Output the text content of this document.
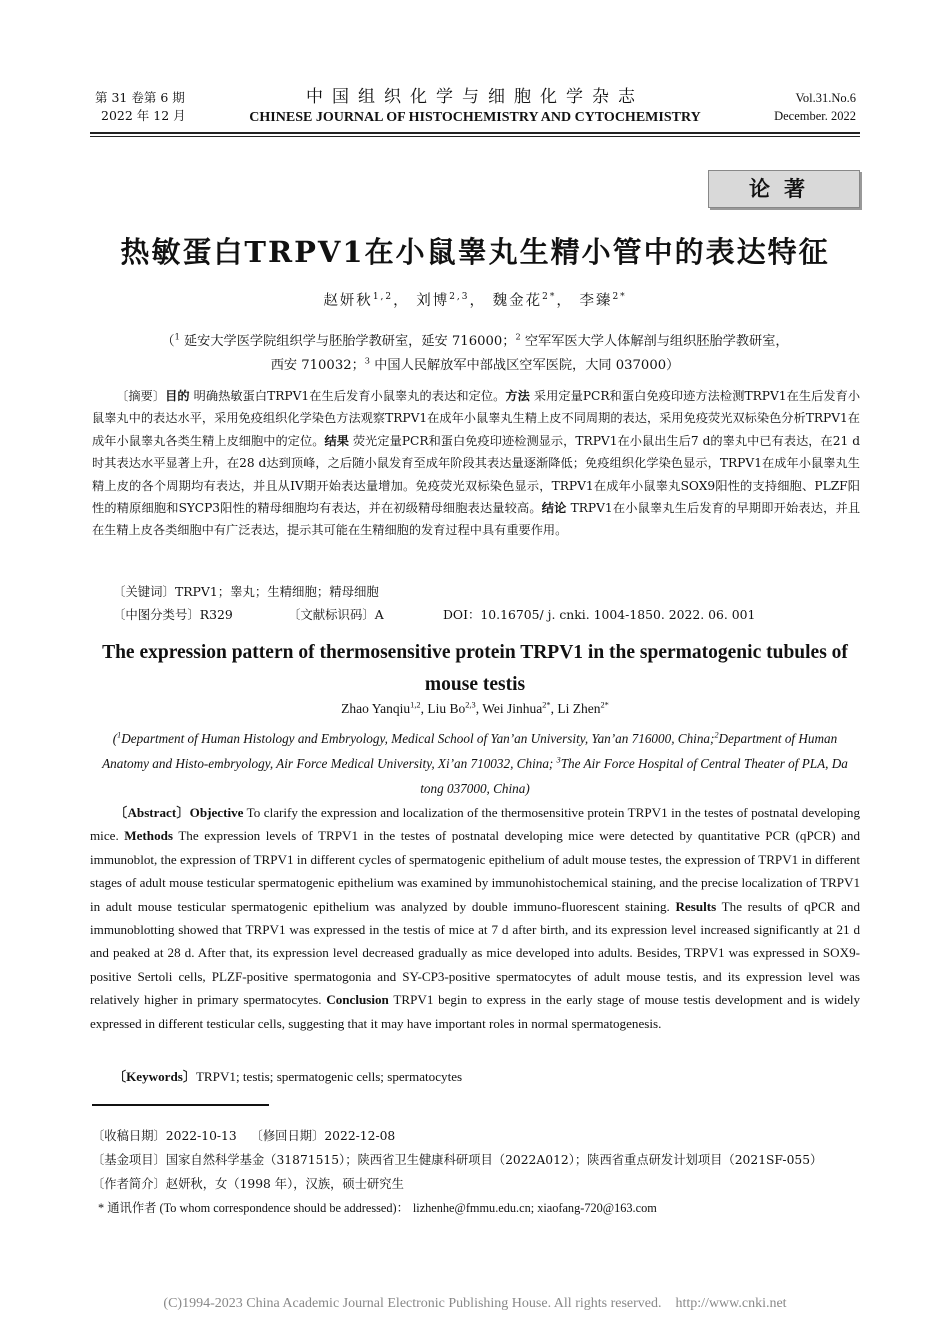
第 31 卷第 6 期
2022 年 12 月
中国组织化学与细胞化学杂志
CHINESE JOURNAL OF HISTOCHEMISTRY AND CYTOCHEMISTRY
Vol.31.No.6
December. 2022
论著
热敏蛋白TRPV1在小鼠睾丸生精小管中的表达特征
赵妍秋$^{1,2}$， 刘博$^{2,3}$， 魏金花$^{2*}$， 李臻$^{2*}$
（$^1$ 延安大学医学院组织学与胚胎学教研室，延安 716000；$^2$ 空军军医大学人体解剖与组织胚胎学教研室，
西安 710032；$^3$ 中国人民解放军中部战区空军医院，大同 037000）
〔摘要〕目的 明确热敏蛋白TRPV1在生后发育小鼠睾丸的表达和定位。方法 采用定量PCR和蛋白免疫印迹方法检测TRPV1在生后发育小鼠睾丸中的表达水平，采用免疫组织化学染色方法观察TRPV1在成年小鼠睾丸生精上皮不同周期的表达，采用免疫荧光双标染色分析TRPV1在成年小鼠睾丸各类生精上皮细胞中的定位。结果 荧光定量PCR和蛋白免疫印迹检测显示，TRPV1在小鼠出生后7 d的睾丸中已有表达，在21 d时其表达水平显著上升，在28 d达到顶峰，之后随小鼠发育至成年阶段其表达量逐渐降低；免疫组织化学染色显示，TRPV1在成年小鼠睾丸生精上皮的各个周期均有表达，并且从IV期开始表达量增加。免疫荧光双标染色显示，TRPV1在成年小鼠睾丸SOX9阳性的支持细胞、PLZF阳性的精原细胞和SYCP3阳性的精母细胞均有表达，并在初级精母细胞表达量较高。结论 TRPV1在小鼠睾丸生后发育的早期即开始表达，并且在生精上皮各类细胞中有广泛表达，提示其可能在生精细胞的发育过程中具有重要作用。
〔关键词〕TRPV1；睾丸；生精细胞；精母细胞
〔中图分类号〕R329	〔文献标识码〕A	DOI：10.16705/ j. cnki. 1004-1850. 2022. 06. 001
The expression pattern of thermosensitive protein TRPV1 in the spermatogenic tubules of mouse testis
Zhao Yanqiu$^{1,2}$, Liu Bo$^{2,3}$, Wei Jinhua$^{2*}$, Li Zhen$^{2*}$
($^1$Department of Human Histology and Embryology, Medical School of Yan’an University, Yan’an 716000, China;$^2$Department of Human Anatomy and Histo-embryology, Air Force Medical University, Xi’an 710032, China; $^3$The Air Force Hospital of Central Theater of PLA, Da tong 037000, China)
〔Abstract〕Objective To clarify the expression and localization of the thermosensitive protein TRPV1 in the testes of postnatal developing mice. Methods The expression levels of TRPV1 in the testes of postnatal developing mice were detected by quantitative PCR (qPCR) and immunoblot, the expression of TRPV1 in different cycles of spermatogenic epithelium of adult mouse testes, the expression of TRPV1 in different stages of adult mouse testicular spermatogenic epithelium was examined by immunohistochemical staining, and the precise localization of TRPV1 in adult mouse testicular spermatogenic epithelium was analyzed by double immuno-fluorescent staining. Results The results of qPCR and immunoblotting showed that TRPV1 was expressed in the testis of mice at 7 d after birth, and its expression level increased significantly at 21 d and peaked at 28 d. After that, its expression level decreased gradually as mice developed into adults. Besides, TRPV1 was expressed in SOX9-positive Sertoli cells, PLZF-positive spermatogonia and SY-CP3-positive spermatocytes of adult mouse testis, and its expression level was relatively higher in primary spermatocytes. Conclusion TRPV1 begin to express in the early stage of mouse testis development and is widely expressed in different testicular cells, suggesting that it may have important roles in normal spermatogenesis.
〔Keywords〕TRPV1; testis; spermatogenic cells; spermatocytes
〔收稿日期〕2022-10-13 〔修回日期〕2022-12-08
〔基金项目〕国家自然科学基金（31871515）；陕西省卫生健康科研项目（2022A012）；陕西省重点研发计划项目（2021SF-055）
〔作者简介〕赵妍秋，女（1998 年），汉族，硕士研究生
* 通讯作者 (To whom correspondence should be addressed)： lizhenhe@fmmu.edu.cn; xiaofang-720@163.com
(C)1994-2023 China Academic Journal Electronic Publishing House. All rights reserved.    http://www.cnki.net
